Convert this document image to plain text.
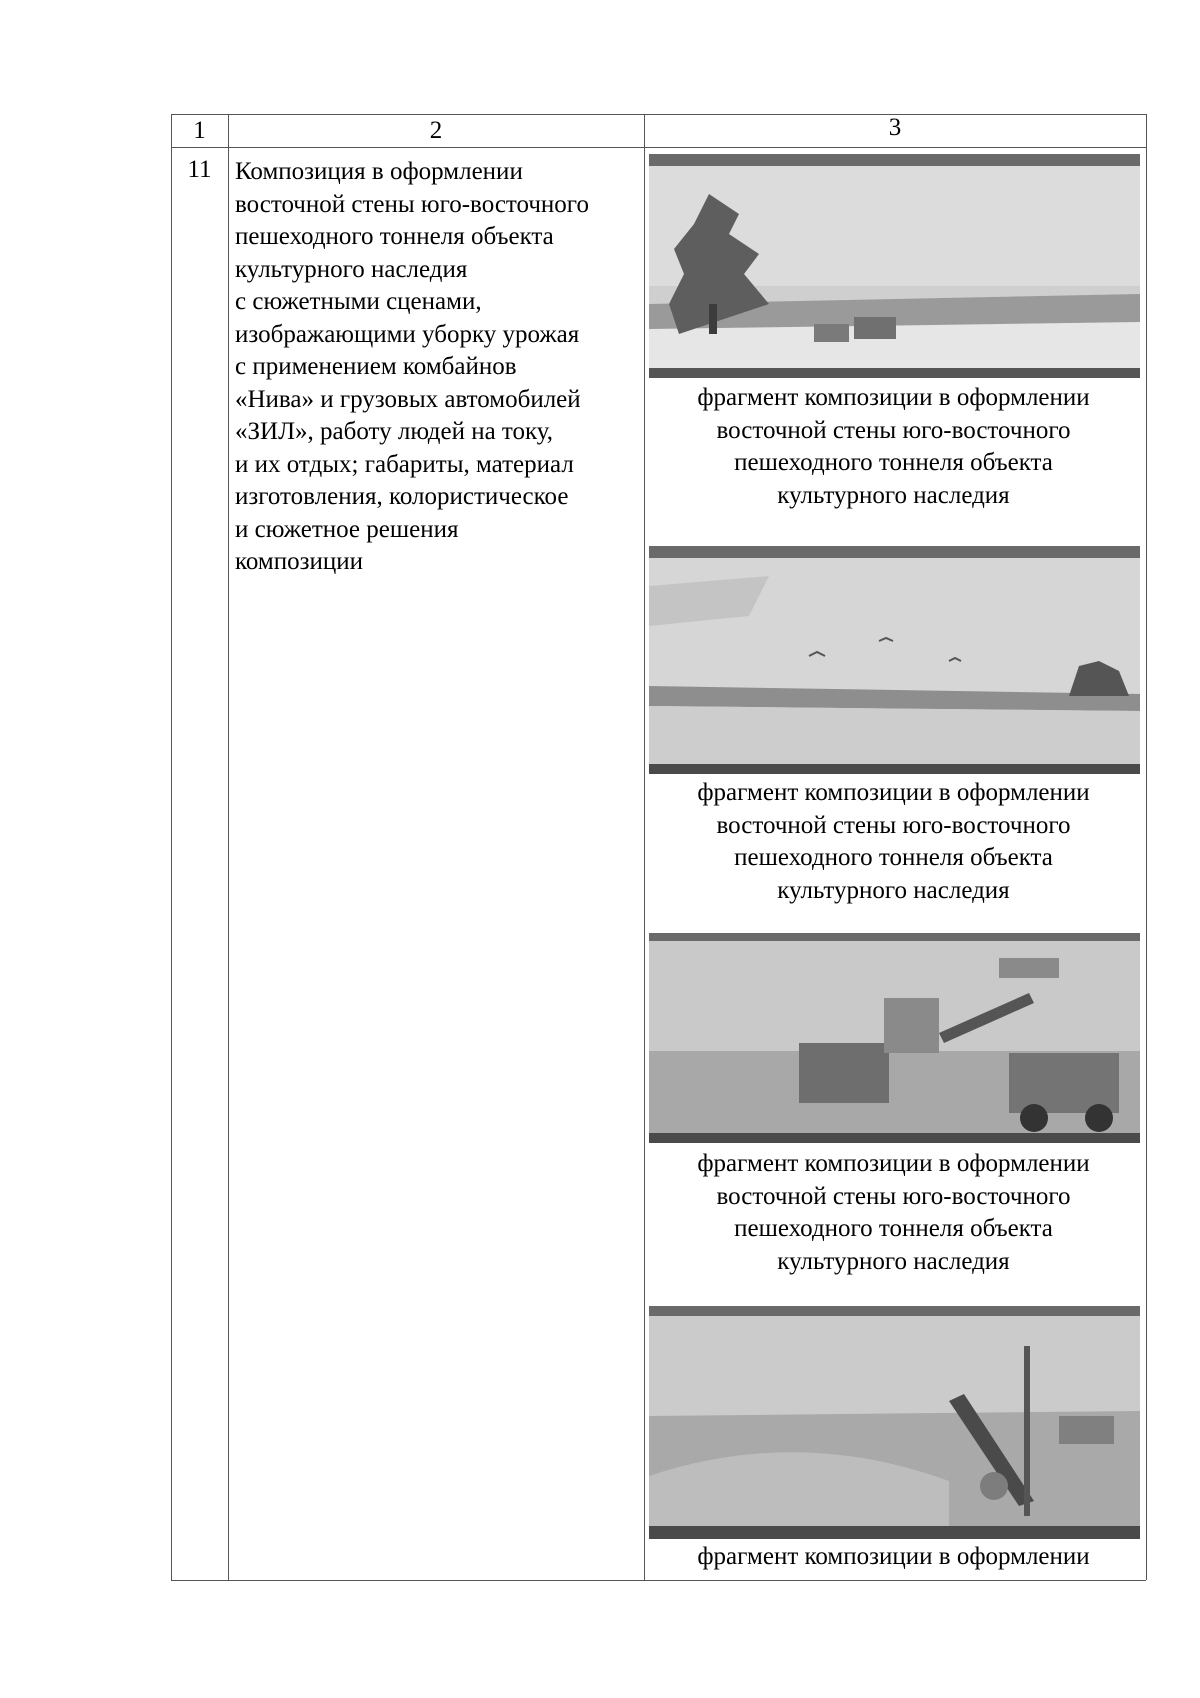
1	2	3
11 Композиция в оформлении
восточной стены юго-восточного
пешеходного тоннеля объекта
культурного наследия
с сюжетными сценами,
изображающими уборку урожая
с применением комбайнов
«Нива» и грузовых автомобилей
«ЗИЛ», работу людей на току,
и их отдых; габариты, материал
изготовления, колористическое
и сюжетное решения
композиции
фрагмент композиции в оформлении
восточной стены юго-восточного
пешеходного тоннеля объекта
культурного наследия
фрагмент композиции в оформлении
восточной стены юго-восточного
пешеходного тоннеля объекта
культурного наследия
фрагмент композиции в оформлении
восточной стены юго-восточного
пешеходного тоннеля объекта
культурного наследия
фрагмент композиции в оформлении
